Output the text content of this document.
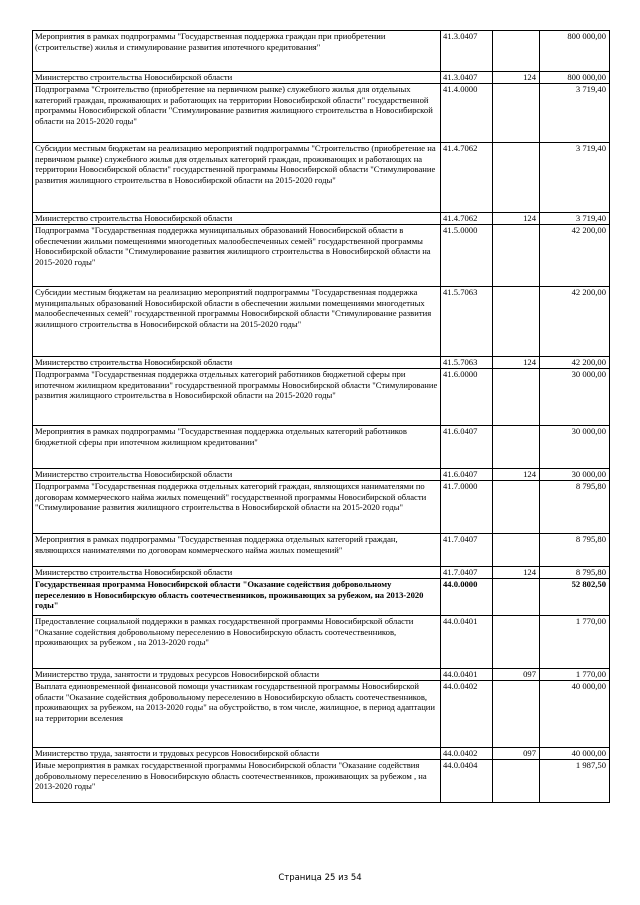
Мероприятия в рамках подпрограммы "Государственная поддержка граждан при приобретении (строительстве) жилья и стимулирование развития ипотечного кредитования"	41.3.0407		800 000,00
Министерство строительства Новосибирской области	41.3.0407	124	800 000,00
Подпрограмма "Строительство (приобретение на первичном рынке) служебного жилья для отдельных категорий граждан, проживающих и работающих на территории Новосибирской области" государственной программы Новосибирской области "Стимулирование развития жилищного строительства в Новосибирской области на 2015-2020 годы"	41.4.0000		3 719,40
Субсидии местным бюджетам на реализацию мероприятий подпрограммы "Строительство (приобретение на первичном рынке) служебного жилья для отдельных категорий граждан, проживающих и работающих на территории Новосибирской области" государственной программы Новосибирской области "Стимулирование развития жилищного строительства в Новосибирской области на 2015-2020 годы"	41.4.7062		3 719,40
Министерство строительства Новосибирской области	41.4.7062	124	3 719,40
Подпрограмма "Государственная поддержка муниципальных образований Новосибирской области в обеспечении жильми помещениями многодетных малообеспеченных семей" государственной программы Новосибирской области "Стимулирование развития жилищного строительства в Новосибирской области на 2015-2020 годы"	41.5.0000		42 200,00
Субсидии местным бюджетам на реализацию мероприятий подпрограммы "Государственная поддержка муниципальных образований Новосибирской области в обеспечении жилыми помещениями многодетных малообеспеченных семей" государственной программы Новосибирской области "Стимулирование развития жилищного строительства в Новосибирской области на 2015-2020 годы"	41.5.7063		42 200,00
Министерство строительства Новосибирской области	41.5.7063	124	42 200,00
Подпрограмма "Государственная поддержка отдельных категорий работников бюджетной сферы при ипотечном жилищном кредитовании" государственной программы Новосибирской области "Стимулирование развития жилищного строительства в Новосибирской области на 2015-2020 годы"	41.6.0000		30 000,00
Мероприятия в рамках подпрограммы "Государственная поддержка отдельных категорий работников бюджетной сферы при ипотечном жилищном кредитовании"	41.6.0407		30 000,00
Министерство строительства Новосибирской области	41.6.0407	124	30 000,00
Подпрограмма "Государственная поддержка отдельных категорий граждан, являющихся нанимателями по договорам коммерческого найма жилых помещений" государственной программы Новосибирской области "Стимулирование развития жилищного строительства в Новосибирской области на 2015-2020 годы"	41.7.0000		8 795,80
Мероприятия в рамках подпрограммы "Государственная поддержка отдельных категорий граждан, являющихся нанимателями по договорам коммерческого найма жилых помещений"	41.7.0407		8 795,80
Министерство строительства Новосибирской области	41.7.0407	124	8 795,80
Государственная программа Новосибирской области "Оказание содействия добровольному переселению в Новосибирскую область соотечественников, проживающих за рубежом, на 2013-2020 годы"	44.0.0000		52 802,50
Предоставление социальной поддержки в рамках государственной программы Новосибирской области "Оказание содействия добровольному переселению в Новосибирскую область соотечественников, проживающих за рубежом , на 2013-2020 годы"	44.0.0401		1 770,00
Министерство труда, занятости и трудовых ресурсов Новосибирской области	44.0.0401	097	1 770,00
Выплата единовременной финансовой помощи участникам государственной программы Новосибирской области "Оказание содействия добровольному переселению в Новосибирскую область соотечественников, проживающих за рубежом, на 2013-2020 годы" на обустройство, в том числе, жилищное, в период адаптации на территории вселения	44.0.0402		40 000,00
Министерство труда, занятости и трудовых ресурсов Новосибирской области	44.0.0402	097	40 000,00
Иные мероприятия в рамках государственной программы Новосибирской области "Оказание содействия добровольному переселению в Новосибирскую область соотечественников, проживающих за рубежом , на 2013-2020 годы"	44.0.0404		1 987,50
Страница 25 из 54
